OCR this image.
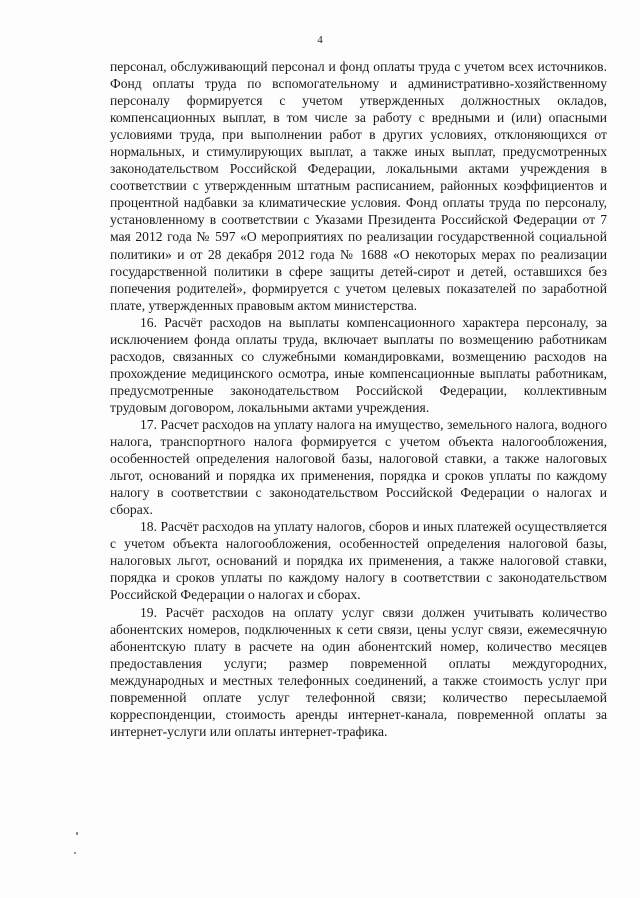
4

персонал, обслуживающий персонал и фонд оплаты труда с учетом всех источников. Фонд оплаты труда по вспомогательному и административно-хозяйственному персоналу формируется с учетом утвержденных должностных окладов, компенсационных выплат, в том числе за работу с вредными и (или) опасными условиями труда, при выполнении работ в других условиях, отклоняющихся от нормальных, и стимулирующих выплат, а также иных выплат, предусмотренных законодательством Российской Федерации, локальными актами учреждения в соответствии с утвержденным штатным расписанием, районных коэффициентов и процентной надбавки за климатические условия. Фонд оплаты труда по персоналу, установленному в соответствии с Указами Президента Российской Федерации от 7 мая 2012 года № 597 «О мероприятиях по реализации государственной социальной политики» и от 28 декабря 2012 года № 1688 «О некоторых мерах по реализации государственной политики в сфере защиты детей-сирот и детей, оставшихся без попечения родителей», формируется с учетом целевых показателей по заработной плате, утвержденных правовым актом министерства.

16. Расчёт расходов на выплаты компенсационного характера персоналу, за исключением фонда оплаты труда, включает выплаты по возмещению работникам расходов, связанных со служебными командировками, возмещению расходов на прохождение медицинского осмотра, иные компенсационные выплаты работникам, предусмотренные законодательством Российской Федерации, коллективным трудовым договором, локальными актами учреждения.

17. Расчет расходов на уплату налога на имущество, земельного налога, водного налога, транспортного налога формируется с учетом объекта налогообложения, особенностей определения налоговой базы, налоговой ставки, а также налоговых льгот, оснований и порядка их применения, порядка и сроков уплаты по каждому налогу в соответствии с законодательством Российской Федерации о налогах и сборах.

18. Расчёт расходов на уплату налогов, сборов и иных платежей осуществляется с учетом объекта налогообложения, особенностей определения налоговой базы, налоговых льгот, оснований и порядка их применения, а также налоговой ставки, порядка и сроков уплаты по каждому налогу в соответствии с законодательством Российской Федерации о налогах и сборах.

19. Расчёт расходов на оплату услуг связи должен учитывать количество абонентских номеров, подключенных к сети связи, цены услуг связи, ежемесячную абонентскую плату в расчете на один абонентский номер, количество месяцев предоставления услуги; размер повременной оплаты междугородних, международных и местных телефонных соединений, а также стоимость услуг при повременной оплате услуг телефонной связи; количество пересылаемой корреспонденции, стоимость аренды интернет-канала, повременной оплаты за интернет-услуги или оплаты интернет-трафика.
